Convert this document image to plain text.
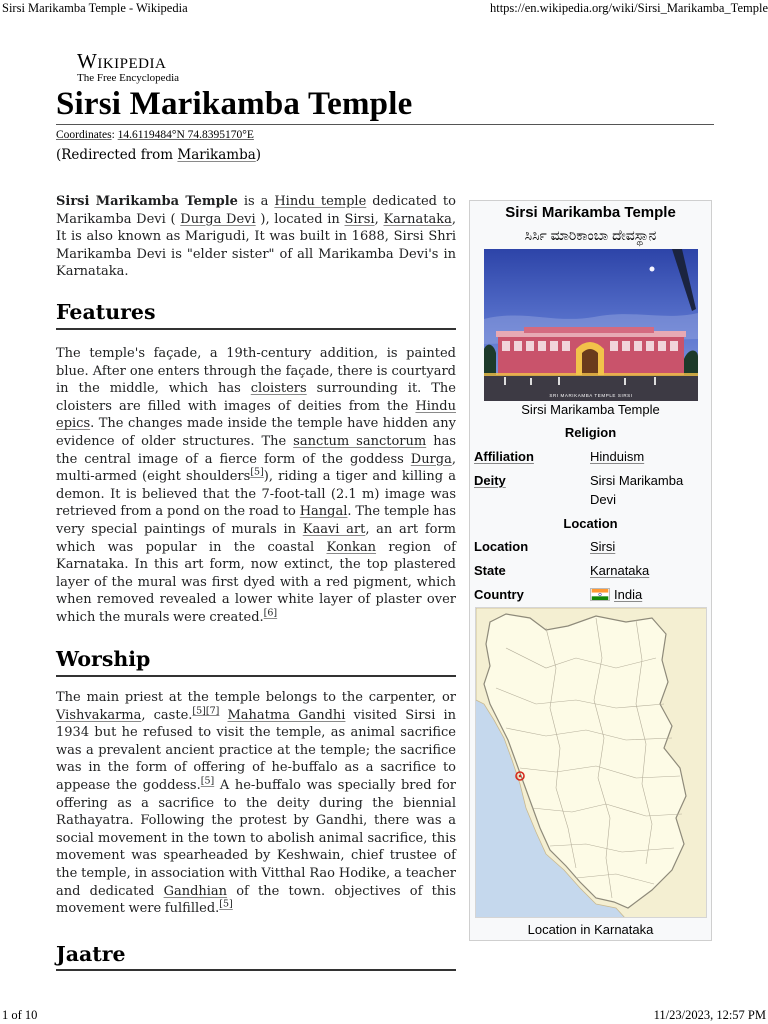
Sirsi Marikamba Temple - Wikipedia	https://en.wikipedia.org/wiki/Sirsi_Marikamba_Temple
Wikipedia
The Free Encyclopedia
Sirsi Marikamba Temple
Coordinates: 14.6119484°N 74.8395170°E
(Redirected from Marikamba)

Sirsi Marikamba Temple is a Hindu temple dedicated to Marikamba Devi ( Durga Devi ), located in Sirsi, Karnataka, It is also known as Marigudi, It was built in 1688, Sirsi Shri Marikamba Devi is "elder sister" of all Marikamba Devi's in Karnataka.

Features

The temple's façade, a 19th-century addition, is painted blue. After one enters through the façade, there is courtyard in the middle, which has cloisters surrounding it. The cloisters are filled with images of deities from the Hindu epics. The changes made inside the temple have hidden any evidence of older structures. The sanctum sanctorum has the central image of a fierce form of the goddess Durga, multi-armed (eight shoulders[5]), riding a tiger and killing a demon. It is believed that the 7-foot-tall (2.1 m) image was retrieved from a pond on the road to Hangal. The temple has very special paintings of murals in Kaavi art, an art form which was popular in the coastal Konkan region of Karnataka. In this art form, now extinct, the top plastered layer of the mural was first dyed with a red pigment, which when removed revealed a lower white layer of plaster over which the murals were created.[6]

Worship

The main priest at the temple belongs to the carpenter, or Vishvakarma, caste.[5][7] Mahatma Gandhi visited Sirsi in 1934 but he refused to visit the temple, as animal sacrifice was a prevalent ancient practice at the temple; the sacrifice was in the form of offering of he-buffalo as a sacrifice to appease the goddess.[5] A he-buffalo was specially bred for offering as a sacrifice to the deity during the biennial Rathayatra. Following the protest by Gandhi, there was a social movement in the town to abolish animal sacrifice, this movement was spearheaded by Keshwain, chief trustee of the temple, in association with Vitthal Rao Hodike, a teacher and dedicated Gandhian of the town. objectives of this movement were fulfilled.[5]

Jaatre
Sirsi Marikamba Temple
ಸಿರ್ಸಿ ಮಾರಿಕಾಂಬಾ ದೇವಸ್ಥಾನ
SRI MARIKAMBA TEMPLE SIRSI
Sirsi Marikamba Temple
Religion
Affiliation	Hinduism
Deity	Sirsi Marikamba
Devi
Location
Location	Sirsi
State	Karnataka
Country	India
Location in Karnataka
1 of 10	11/23/2023, 12:57 PM
